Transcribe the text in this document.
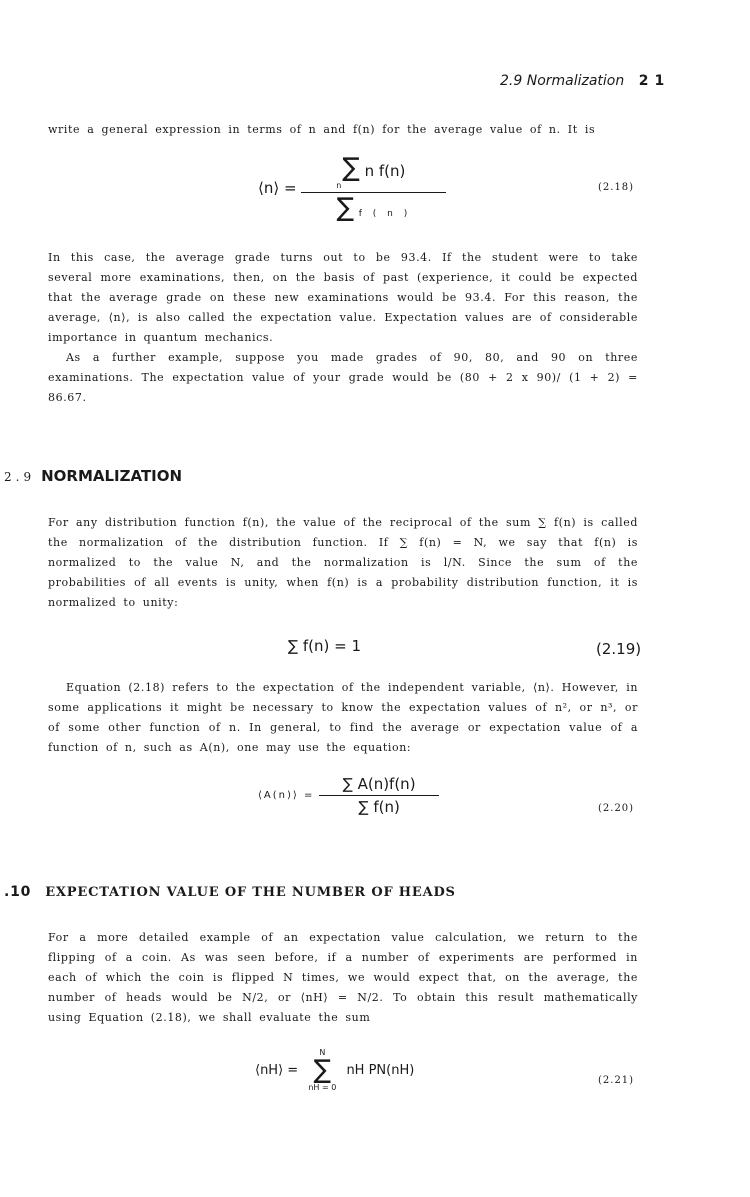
2.9 Normalization 21

write a general expression in terms of n and f(n) for the average value of n. It is

⟨n⟩ =
∑ n f(n)
n
∑ f ( n )
(2.18)

In this case, the average grade turns out to be 93.4. If the student were to take several more examinations, then, on the basis of past (experience, it could be expected that the average grade on these new examinations would be 93.4. For this reason, the average, ⟨n⟩, is also called the expectation value. Expectation values are of considerable importance in quantum mechanics.

As a further example, suppose you made grades of 90, 80, and 90 on three examinations. The expectation value of your grade would be (80 + 2 x 90)/ (1 + 2) = 86.67.

2.9 NORMALIZATION

For any distribution function f(n), the value of the reciprocal of the sum ∑ f(n) is called the normalization of the distribution function. If ∑ f(n) = N, we say that f(n) is normalized to the value N, and the normalization is l/N. Since the sum of the probabilities of all events is unity, when f(n) is a probability distribution function, it is normalized to unity:

∑ f(n) = 1	(2.19)

Equation (2.18) refers to the expectation of the independent variable, ⟨n⟩. However, in some applications it might be necessary to know the expectation values of n², or n³, or of some other function of n. In general, to find the average or expectation value of a function of n, such as A(n), one may use the equation:

⟨A(n)⟩ = $\frac{\sum A(n)f(n)}{\sum f(n)}$	(2.20)
.10 EXPECTATION VALUE OF THE NUMBER OF HEADS

For a more detailed example of an expectation value calculation, we return to the flipping of a coin. As was seen before, if a number of experiments are performed in each of which the coin is flipped N times, we would expect that, on the average, the number of heads would be N/2, or ⟨nH⟩ = N/2. To obtain this result mathematically using Equation (2.18), we shall evaluate the sum

⟨nH⟩ =
N
∑
nH = 0
nH PN(nH)
(2.21)
